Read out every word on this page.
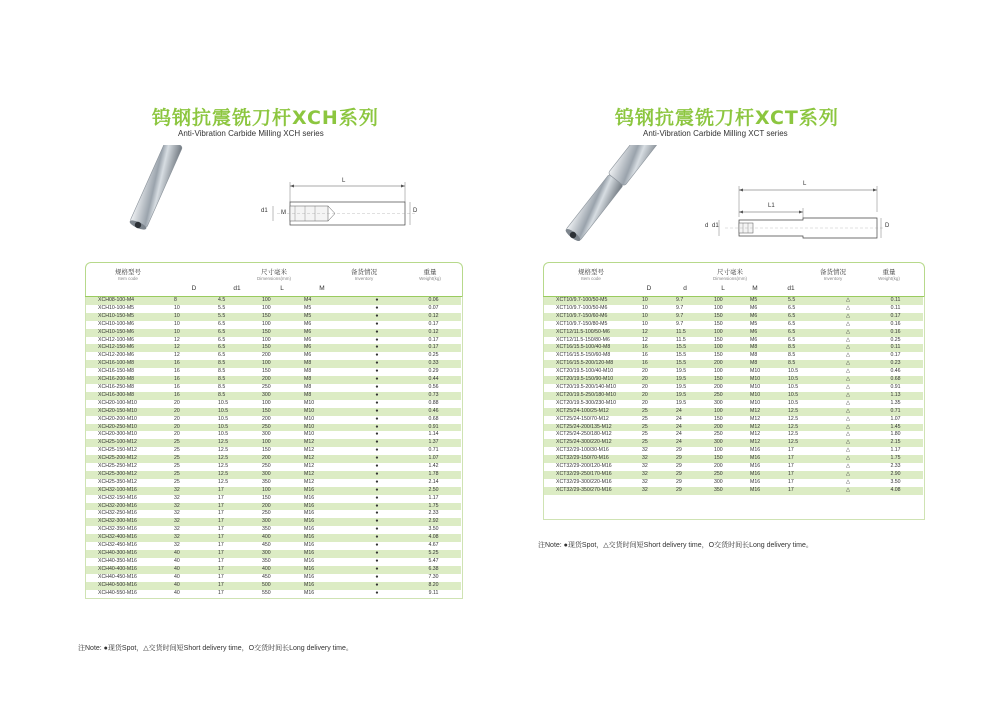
钨钢抗震铣刀杆XCH系列
Anti-Vibration Carbide Milling XCH series
L
d1 M	D
规格型号
Item code
尺寸毫米
Dimensions(mm)
备货情况
Inventory
重量
Weight(kg)
D	d1	L	M
XCH08-100-M4	8	4.5	100	M4	●	0.06
XCH10-100-M5	10	5.5	100	M5	●	0.07
XCH10-150-M5	10	5.5	150	M5	●	0.12
XCH10-100-M6	10	6.5	100	M6	●	0.17
XCH10-150-M6	10	6.5	150	M6	●	0.12
XCH12-100-M6	12	6.5	100	M6	●	0.17
XCH12-150-M6	12	6.5	150	M6	●	0.17
XCH12-200-M6	12	6.5	200	M6	●	0.25
XCH16-100-M8	16	8.5	100	M8	●	0.33
XCH16-150-M8	16	8.5	150	M8	●	0.29
XCH16-200-M8	16	8.5	200	M8	●	0.44
XCH16-250-M8	16	8.5	250	M8	●	0.56
XCH16-300-M8	16	8.5	300	M8	●	0.73
XCH20-100-M10	20	10.5	100	M10	●	0.88
XCH20-150-M10	20	10.5	150	M10	●	0.46
XCH20-200-M10	20	10.5	200	M10	●	0.68
XCH20-250-M10	20	10.5	250	M10	●	0.91
XCH20-300-M10	20	10.5	300	M10	●	1.14
XCH25-100-M12	25	12.5	100	M12	●	1.37
XCH25-150-M12	25	12.5	150	M12	●	0.71
XCH25-200-M12	25	12.5	200	M12	●	1.07
XCH25-250-M12	25	12.5	250	M12	●	1.42
XCH25-300-M12	25	12.5	300	M12	●	1.78
XCH25-350-M12	25	12.5	350	M12	●	2.14
XCH32-100-M16	32	17	100	M16	●	2.50
XCH32-150-M16	32	17	150	M16	●	1.17
XCH32-200-M16	32	17	200	M16	●	1.75
XCH32-250-M16	32	17	250	M16	●	2.33
XCH32-300-M16	32	17	300	M16	●	2.92
XCH32-350-M16	32	17	350	M16	●	3.50
XCH32-400-M16	32	17	400	M16	●	4.08
XCH32-450-M16	32	17	450	M16	●	4.67
XCH40-300-M16	40	17	300	M16	●	5.25
XCH40-350-M16	40	17	350	M16	●	5.47
XCH40-400-M16	40	17	400	M16	●	6.38
XCH40-450-M16	40	17	450	M16	●	7.30
XCH40-500-M16	40	17	500	M16	●	8.20
XCH40-550-M16	40	17	550	M16	●	9.11
注Note: ●现货Spot，△交货时间短Short delivery time，O交货时间长Long delivery time。
钨钢抗震铣刀杆XCT系列
Anti-Vibration Carbide Milling XCT series
L
L1
d d1	D
规格型号
Item code
尺寸毫米
Dimensions(mm)
备货情况
Inventory
重量
Weight(kg)
D	d	L	M	d1
XCT10/9.7-100/50-M5	10	9.7	100	M5	5.5	△	0.11
XCT10/9.7-100/50-M6	10	9.7	100	M6	6.5	△	0.11
XCT10/9.7-150/60-M6	10	9.7	150	M6	6.5	△	0.17
XCT10/9.7-150/80-M5	10	9.7	150	M5	6.5	△	0.16
XCT12/11.5-100/50-M6	12	11.5	100	M6	6.5	△	0.16
XCT12/11.5-150/80-M6	12	11.5	150	M6	6.5	△	0.25
XCT16/15.5-100/40-M8	16	15.5	100	M8	8.5	△	0.11
XCT16/15.5-150/60-M8	16	15.5	150	M8	8.5	△	0.17
XCT16/15.5-200/120-M8	16	15.5	200	M8	8.5	△	0.23
XCT20/19.5-100/40-M10	20	19.5	100	M10	10.5	△	0.46
XCT20/19.5-150/90-M10	20	19.5	150	M10	10.5	△	0.68
XCT20/19.5-200/140-M10	20	19.5	200	M10	10.5	△	0.91
XCT20/19.5-250/180-M10	20	19.5	250	M10	10.5	△	1.13
XCT20/19.5-300/230-M10	20	19.5	300	M10	10.5	△	1.35
XCT25/24-100/25-M12	25	24	100	M12	12.5	△	0.71
XCT25/24-150/70-M12	25	24	150	M12	12.5	△	1.07
XCT25/24-200/135-M12	25	24	200	M12	12.5	△	1.45
XCT25/24-250/180-M12	25	24	250	M12	12.5	△	1.80
XCT25/24-300/220-M12	25	24	300	M12	12.5	△	2.15
XCT32/29-100/30-M16	32	29	100	M16	17	△	1.17
XCT32/29-150/70-M16	32	29	150	M16	17	△	1.75
XCT32/29-200/120-M16	32	29	200	M16	17	△	2.33
XCT32/29-250/170-M16	32	29	250	M16	17	△	2.90
XCT32/29-300/220-M16	32	29	300	M16	17	△	3.50
XCT32/29-350/270-M16	32	29	350	M16	17	△	4.08
注Note: ●现货Spot，△交货时间短Short delivery time，O交货时间长Long delivery time。
